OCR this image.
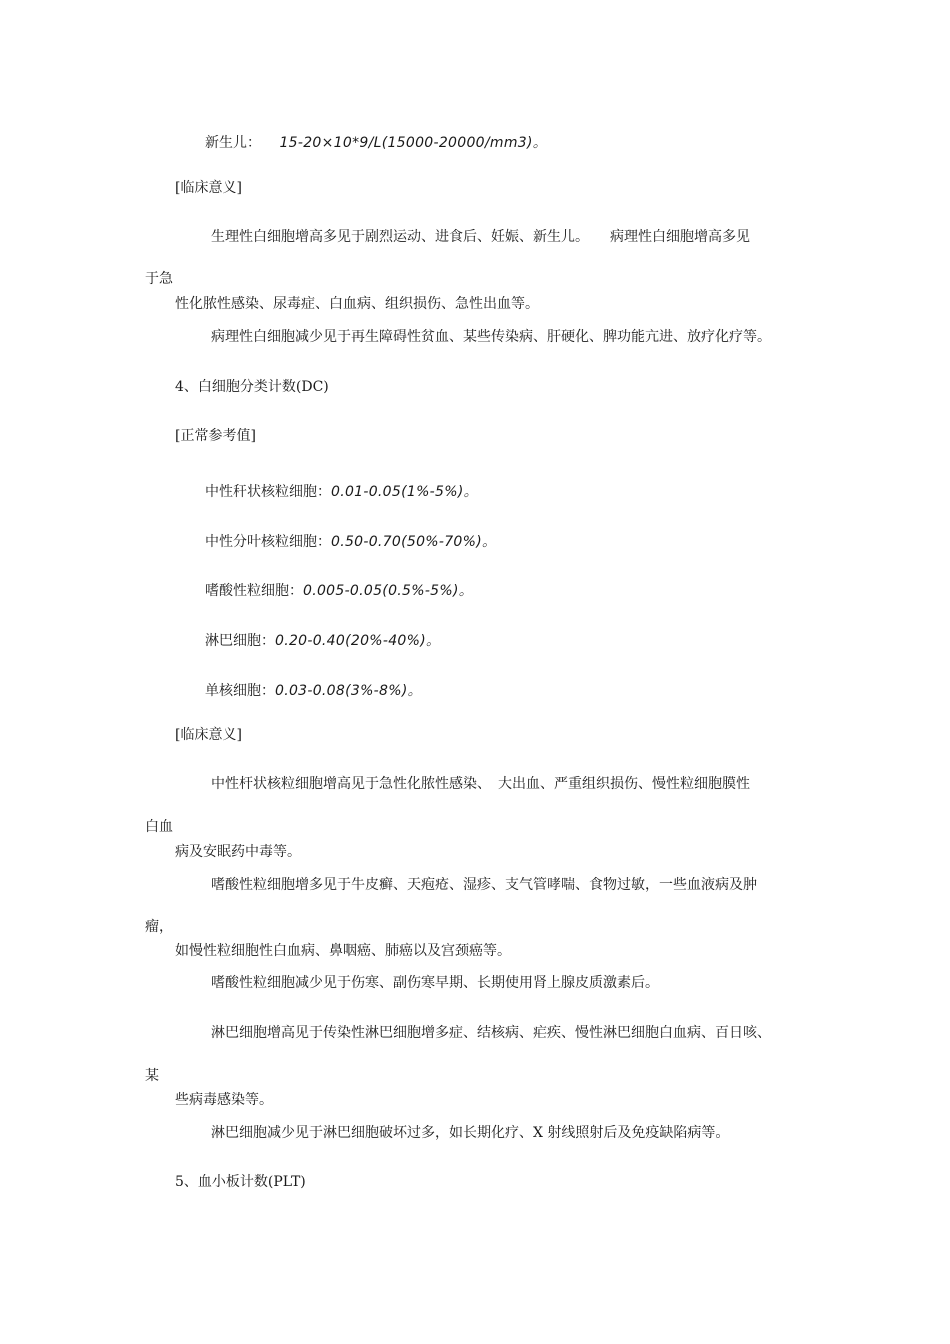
新生儿： 15-20×10*9/L(15000-20000/mm3)。
[临床意义]
生理性白细胞增高多见于剧烈运动、进食后、妊娠、新生儿。　　病理性白细胞增高多见
于急
性化脓性感染、尿毒症、白血病、组织损伤、急性出血等。
病理性白细胞减少见于再生障碍性贫血、某些传染病、肝硬化、脾功能亢进、放疗化疗等。
4、白细胞分类计数(DC)
[正常参考值]
中性秆状核粒细胞：0.01-0.05(1%-5%)。
中性分叶核粒细胞：0.50-0.70(50%-70%)。
嗜酸性粒细胞：0.005-0.05(0.5%-5%)。
淋巴细胞：0.20-0.40(20%-40%)。
单核细胞：0.03-0.08(3%-8%)。
[临床意义]
中性杆状核粒细胞增高见于急性化脓性感染、　大出血、严重组织损伤、慢性粒细胞膜性
白血
病及安眠药中毒等。
嗜酸性粒细胞增多见于牛皮癣、天疱疮、湿疹、支气管哮喘、食物过敏，一些血液病及肿
瘤，
如慢性粒细胞性白血病、鼻咽癌、肺癌以及宫颈癌等。
嗜酸性粒细胞减少见于伤寒、副伤寒早期、长期使用肾上腺皮质激素后。
淋巴细胞增高见于传染性淋巴细胞增多症、结核病、疟疾、慢性淋巴细胞白血病、百日咳、
某
些病毒感染等。
淋巴细胞减少见于淋巴细胞破坏过多，如长期化疗、X 射线照射后及免疫缺陷病等。
5、血小板计数(PLT)
